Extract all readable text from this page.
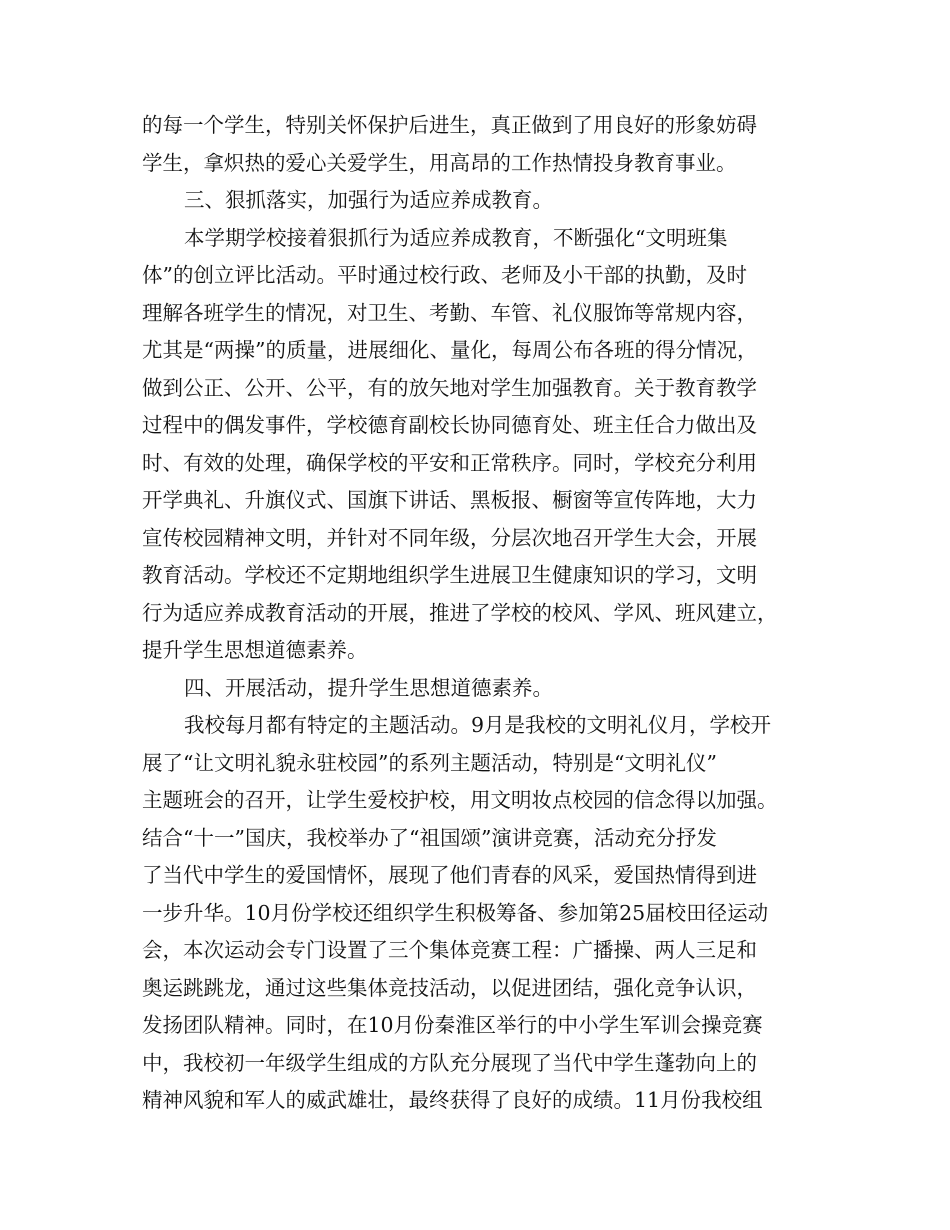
的每一个学生，特别关怀保护后进生，真正做到了用良好的形象妨碍
学生，拿炽热的爱心关爱学生，用高昂的工作热情投身教育事业。
三、狠抓落实，加强行为适应养成教育。
本学期学校接着狠抓行为适应养成教育，不断强化“文明班集
体”的创立评比活动。平时通过校行政、老师及小干部的执勤，及时
理解各班学生的情况，对卫生、考勤、车管、礼仪服饰等常规内容，
尤其是“两操”的质量，进展细化、量化，每周公布各班的得分情况，
做到公正、公开、公平，有的放矢地对学生加强教育。关于教育教学
过程中的偶发事件，学校德育副校长协同德育处、班主任合力做出及
时、有效的处理，确保学校的平安和正常秩序。同时，学校充分利用
开学典礼、升旗仪式、国旗下讲话、黑板报、橱窗等宣传阵地，大力
宣传校园精神文明，并针对不同年级，分层次地召开学生大会，开展
教育活动。学校还不定期地组织学生进展卫生健康知识的学习，文明
行为适应养成教育活动的开展，推进了学校的校风、学风、班风建立，
提升学生思想道德素养。
四、开展活动，提升学生思想道德素养。
我校每月都有特定的主题活动。9月是我校的文明礼仪月，学校开
展了“让文明礼貌永驻校园”的系列主题活动，特别是“文明礼仪”
主题班会的召开，让学生爱校护校，用文明妆点校园的信念得以加强。
结合“十一”国庆，我校举办了“祖国颂”演讲竞赛，活动充分抒发
了当代中学生的爱国情怀，展现了他们青春的风采，爱国热情得到进
一步升华。10月份学校还组织学生积极筹备、参加第25届校田径运动
会，本次运动会专门设置了三个集体竞赛工程：广播操、两人三足和
奥运跳跳龙，通过这些集体竞技活动，以促进团结，强化竞争认识，
发扬团队精神。同时，在10月份秦淮区举行的中小学生军训会操竞赛
中，我校初一年级学生组成的方队充分展现了当代中学生蓬勃向上的
精神风貌和军人的威武雄壮，最终获得了良好的成绩。11月份我校组
